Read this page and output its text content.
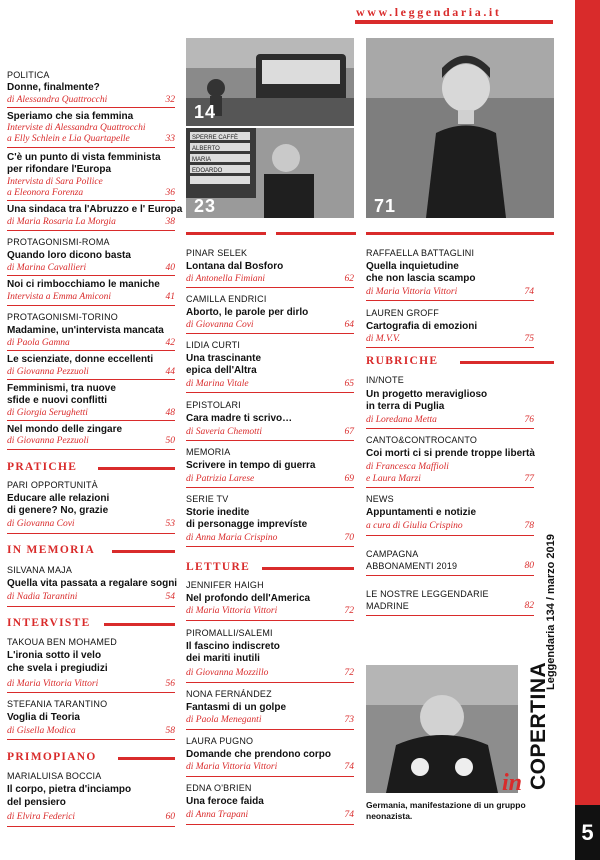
www.leggendaria.it
Leggendaria 134 / marzo 2019
5
14
SPERRE CAFFÈ
ALBERTO
MARIA
EDOARDO
23	71
POLITICA
Donne, finalmente?
di Alessandra Quattrocchi	32
Speriamo che sia femmina
Interviste di Alessandra Quattrocchi
a Elly Schlein e Lia Quartapelle	33
C'è un punto di vista femminista
per rifondare l'Europa
Intervista di Sara Pollice
a Eleonora Forenza	36
Una sindaca tra l'Abruzzo e l' Europa
di Maria Rosaria La Morgia	38
PROTAGONISMI-ROMA
Quando loro dicono basta
di Marina Cavallieri	40
Noi ci rimbocchiamo le maniche
Intervista a Emma Amiconi	41
PROTAGONISMI-TORINO
Madamine, un'intervista mancata
di Paola Gamna	42
Le scienziate, donne eccellenti
di Giovanna Pezzuoli	44
Femminismi, tra nuove
sfide e nuovi conflitti
di Giorgia Serughetti	48
Nel mondo delle zingare
di Giovanna Pezzuoli	50
PRATICHE
PARI OPPORTUNITÀ
Educare alle relazioni
di genere? No, grazie
di Giovanna Covi	53
IN MEMORIA
SILVANA MAJA
Quella vita passata a regalare sogni
di Nadia Tarantini	54
INTERVISTE
TAKOUA BEN MOHAMED
L'ironia sotto il velo
che svela i pregiudizi
di Maria Vittoria Vittori	56
STEFANIA TARANTINO
Voglia di Teoria
di Gisella Modica	58
PRIMOPIANO
MARIALUISA BOCCIA
Il corpo, pietra d'inciampo
del pensiero
di Elvira Federici	60
PINAR SELEK
Lontana dal Bosforo
di Antonella Fimiani	62
CAMILLA ENDRICI
Aborto, le parole per dirlo
di Giovanna Covi	64
LIDIA CURTI
Una trascinante
epica dell'Altra
di Marina Vitale	65
EPISTOLARI
Cara madre ti scrivo…
di Saveria Chemotti	67
MEMORIA
Scrivere in tempo di guerra
di Patrizia Larese	69
SERIE TV
Storie inedite
di personagge imprevíste
di Anna Maria Crispino	70
LETTURE
JENNIFER HAIGH
Nel profondo dell'America
di Maria Vittoria Vittori	72
PIROMALLI/SALEMI
Il fascino indiscreto
dei mariti inutili
di Giovanna Mozzillo	72
NONA FERNÁNDEZ
Fantasmi di un golpe
di Paola Meneganti	73
LAURA PUGNO
Domande che prendono corpo
di Maria Vittoria Vittori	74
EDNA O'BRIEN
Una feroce faida
di Anna Trapani	74
RAFFAELLA BATTAGLINI
Quella inquietudine
che non lascia scampo
di Maria Vittoria Vittori	74
LAUREN GROFF
Cartografia di emozioni
di M.V.V.	75
RUBRICHE
IN/NOTE
Un progetto meraviglioso
in terra di Puglia
di Loredana Metta	76
CANTO&CONTROCANTO
Coi morti ci si prende troppe libertà
di Francesca Maffioli
e Laura Marzi	77
NEWS
Appuntamenti e notizie
a cura di Giulia Crispino	78
CAMPAGNA
ABBONAMENTI 2019	80
LE NOSTRE LEGGENDARIE
MADRINE	82
COPERTINA
in
Germania, manifestazione di un gruppo neonazista.
